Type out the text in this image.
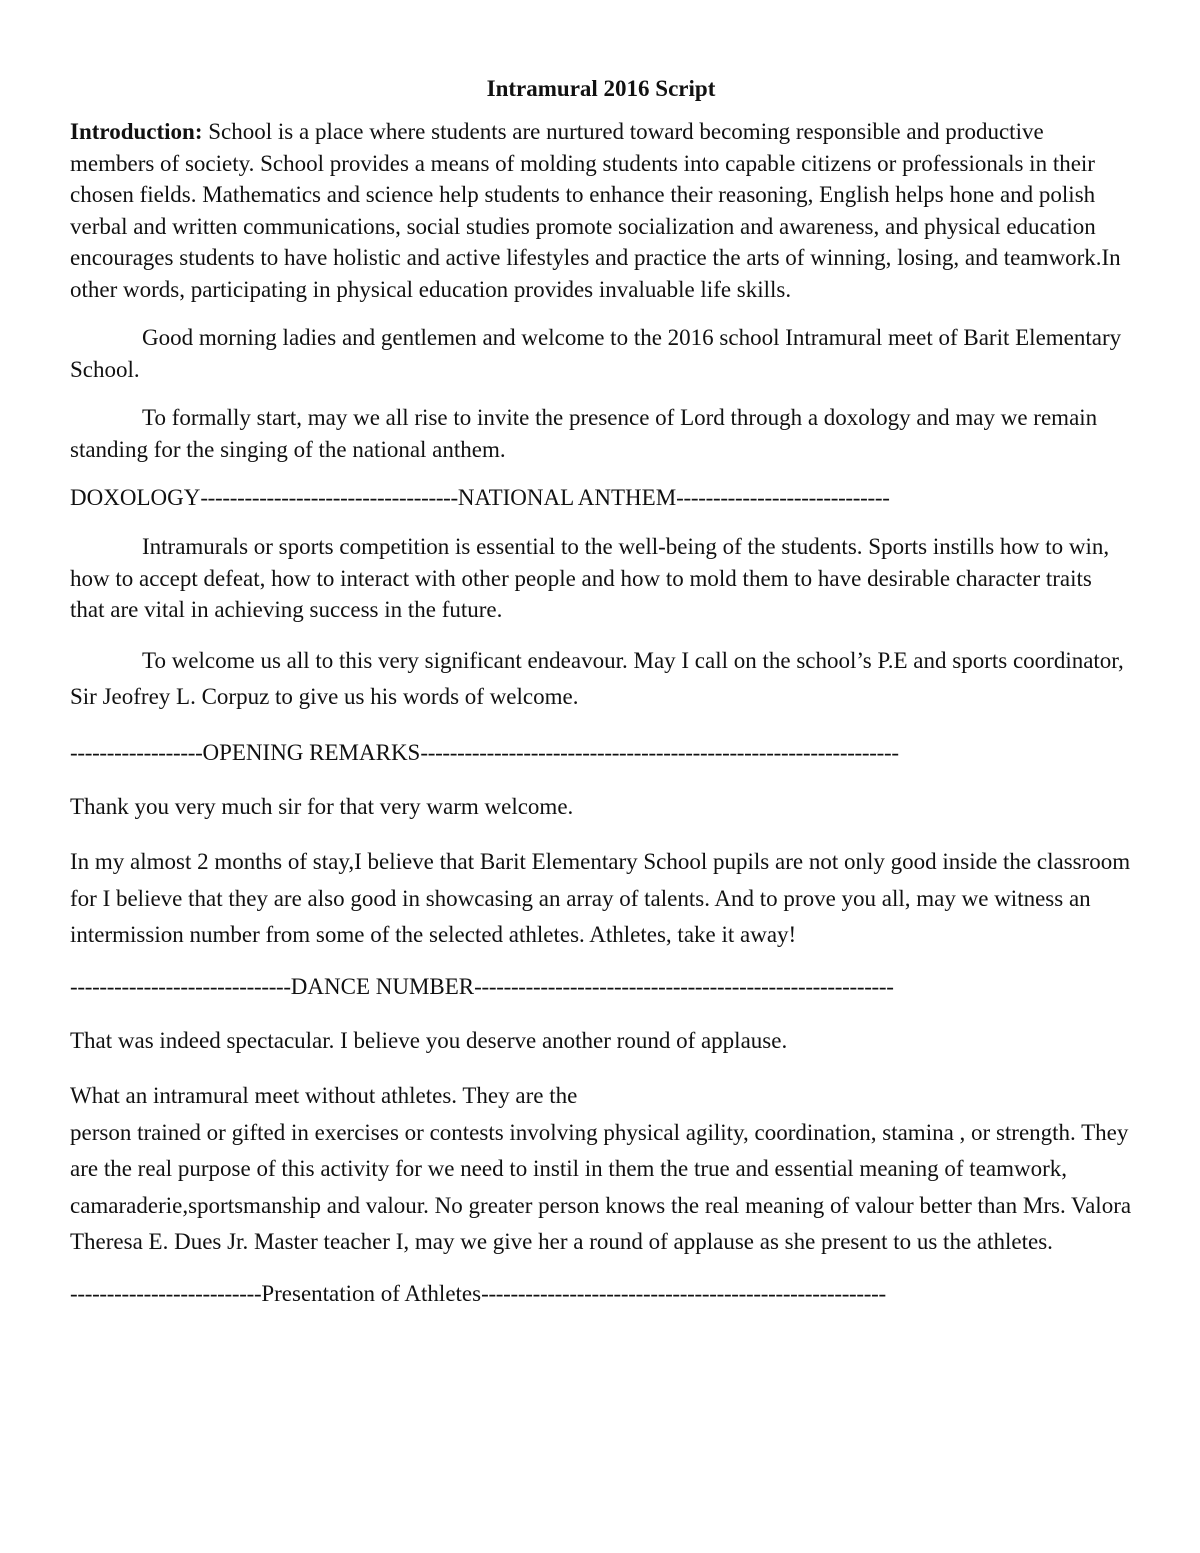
Intramural 2016 Script

Introduction: School is a place where students are nurtured toward becoming responsible and productive members of society. School provides a means of molding students into capable citizens or professionals in their chosen fields. Mathematics and science help students to enhance their reasoning, English helps hone and polish verbal and written communications, social studies promote socialization and awareness, and physical education encourages students to have holistic and active lifestyles and practice the arts of winning, losing, and teamwork.In other words, participating in physical education provides invaluable life skills.

Good morning ladies and gentlemen and welcome to the 2016 school Intramural meet of Barit Elementary School.

To formally start, may we all rise to invite the presence of Lord through a doxology and may we remain standing for the singing of the national anthem.

DOXOLOGY-----------------------------------NATIONAL ANTHEM-----------------------------

Intramurals or sports competition is essential to the well-being of the students. Sports instills how to win, how to accept defeat, how to interact with other people and how to mold them to have desirable character traits that are vital in achieving success in the future.

To welcome us all to this very significant endeavour. May I call on the school’s P.E and sports coordinator, Sir Jeofrey L. Corpuz to give us his words of welcome.

------------------OPENING REMARKS-----------------------------------------------------------------

Thank you very much sir for that very warm welcome.

In my almost 2 months of stay,I believe that Barit Elementary School pupils are not only good inside the classroom for I believe that they are also good in showcasing an array of talents. And to prove you all, may we witness an intermission number from some of the selected athletes. Athletes, take it away!

------------------------------DANCE NUMBER---------------------------------------------------------

That was indeed spectacular. I believe you deserve another round of applause.

What an intramural meet without athletes. They are the
person trained or gifted in exercises or contests involving physical agility, coordination, stamina , or strength. They are the real purpose of this activity for we need to instil in them the true and essential meaning of teamwork, camaraderie,sportsmanship and valour. No greater person knows the real meaning of valour better than Mrs. Valora Theresa E. Dues Jr. Master teacher I, may we give her a round of applause as she present to us the athletes.
--------------------------Presentation of Athletes-------------------------------------------------------
